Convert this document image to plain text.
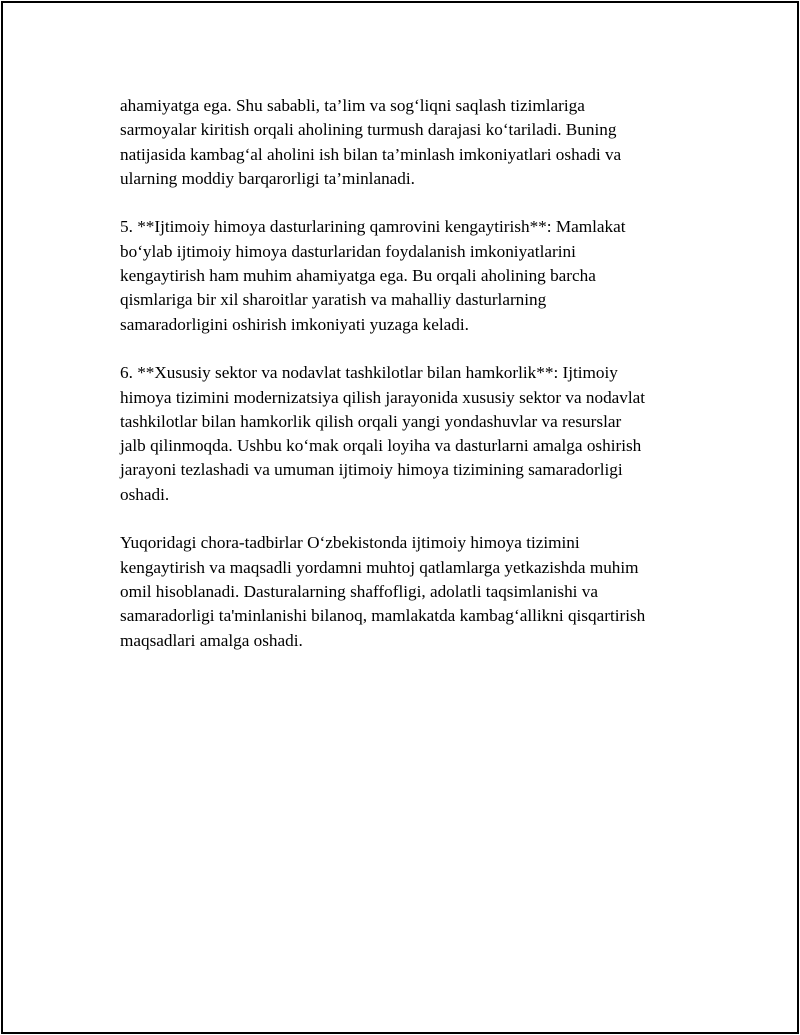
ahamiyatga ega. Shu sababli, ta’lim va sog‘liqni saqlash tizimlariga
sarmoyalar kiritish orqali aholining turmush darajasi ko‘tariladi. Buning
natijasida kambag‘al aholini ish bilan ta’minlash imkoniyatlari oshadi va
ularning moddiy barqarorligi ta’minlanadi.

5. **Ijtimoiy himoya dasturlarining qamrovini kengaytirish**: Mamlakat
bo‘ylab ijtimoiy himoya dasturlaridan foydalanish imkoniyatlarini
kengaytirish ham muhim ahamiyatga ega. Bu orqali aholining barcha
qismlariga bir xil sharoitlar yaratish va mahalliy dasturlarning
samaradorligini oshirish imkoniyati yuzaga keladi.

6. **Xususiy sektor va nodavlat tashkilotlar bilan hamkorlik**: Ijtimoiy
himoya tizimini modernizatsiya qilish jarayonida xususiy sektor va nodavlat
tashkilotlar bilan hamkorlik qilish orqali yangi yondashuvlar va resurslar
jalb qilinmoqda. Ushbu ko‘mak orqali loyiha va dasturlarni amalga oshirish
jarayoni tezlashadi va umuman ijtimoiy himoya tizimining samaradorligi
oshadi.

Yuqoridagi chora-tadbirlar O‘zbekistonda ijtimoiy himoya tizimini
kengaytirish va maqsadli yordamni muhtoj qatlamlarga yetkazishda muhim
omil hisoblanadi. Dasturalarning shaffofligi, adolatli taqsimlanishi va
samaradorligi ta'minlanishi bilanoq, mamlakatda kambag‘allikni qisqartirish
maqsadlari amalga oshadi.
